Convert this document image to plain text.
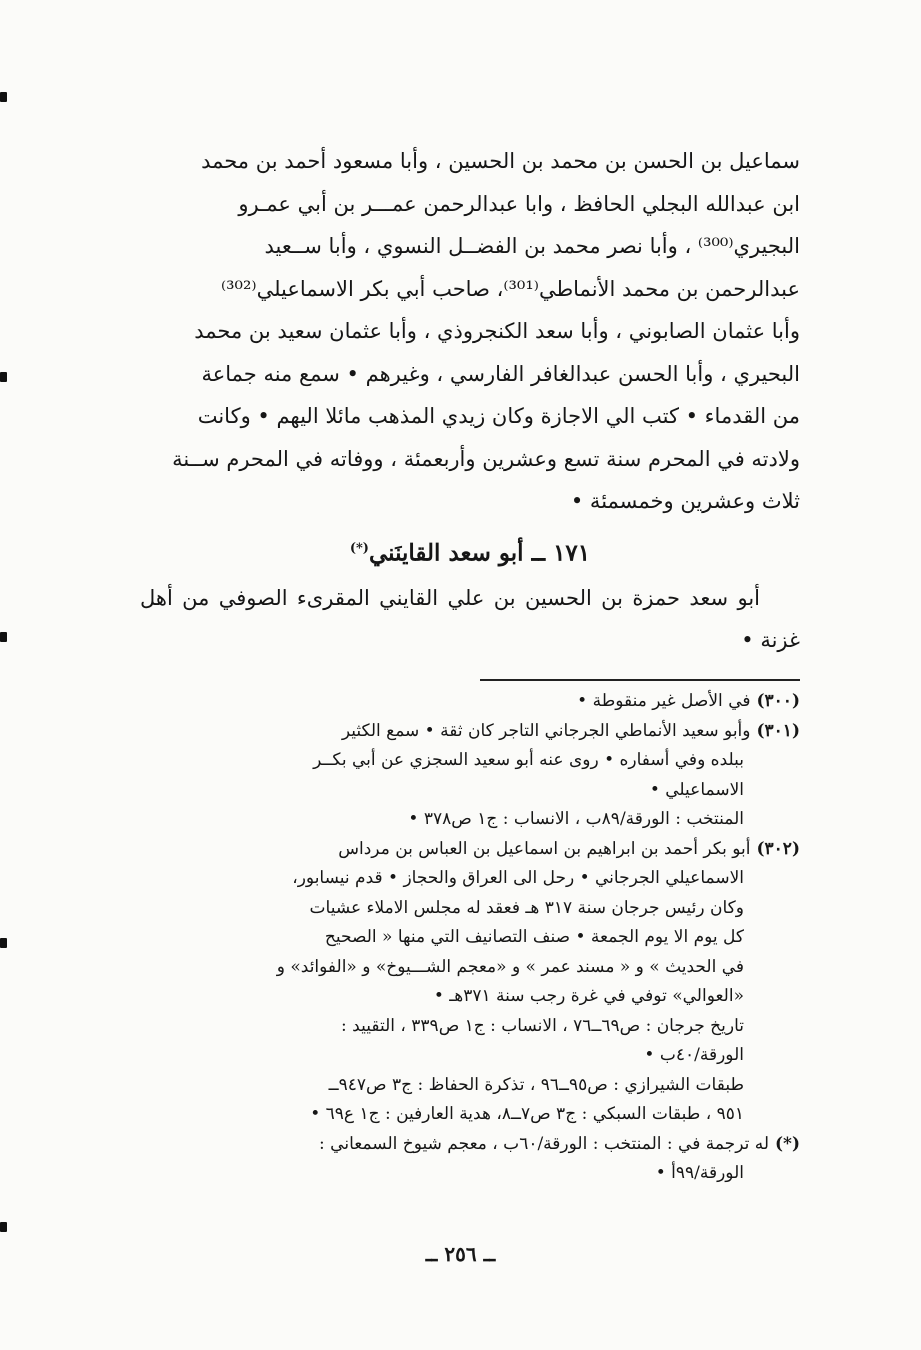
سماعيل بن الحسن بن محمد بن الحسين ، وأبا مسعود أحمد بن محمد

ابن عبدالله البجلي الحافظ ، وابا عبدالرحمن عمـــر بن أبي عمـرو

البجيري⁽³⁰⁰⁾ ، وأبا نصر محمد بن الفضــل النسوي ، وأبا ســعيد

عبدالرحمن بن محمد الأنماطي⁽³⁰¹⁾، صاحب أبي بكر الاسماعيلي⁽³⁰²⁾

وأبا عثمان الصابوني ، وأبا سعد الكنجروذي ، وأبا عثمان سعيد بن محمد

البحيري ، وأبا الحسن عبدالغافر الفارسي ، وغيرهم • سمع منه جماعة

من القدماء • كتب الي الاجازة وكان زيدي المذهب مائلا اليهم • وكانت

ولادته في المحرم سنة تسع وعشرين وأربعمئة ، ووفاته في المحرم ســنة

ثلاث وعشرين وخمسمئة •

١٧١ ــ أبو سعد القاينَني(*)
أبو سعد حمزة بن الحسين بن علي القايني المقرىء الصوفي من أهل غزنة •
(٣٠٠)في الأصل غير منقوطة •
(٣٠١)وأبو سعيد الأنماطي الجرجاني التاجر كان ثقة • سمع الكثير
ببلده وفي أسفاره • روى عنه أبو سعيد السجزي عن أبي بكــر
الاسماعيلي •
المنتخب : الورقة/٨٩ب ، الانساب : ج١ ص٣٧٨ •
(٣٠٢)أبو بكر أحمد بن ابراهيم بن اسماعيل بن العباس بن مرداس
الاسماعيلي الجرجاني • رحل الى العراق والحجاز • قدم نيسابور،
وكان رئيس جرجان سنة ٣١٧ هـ فعقد له مجلس الاملاء عشيات
كل يوم الا يوم الجمعة • صنف التصانيف التي منها « الصحيح
في الحديث » و « مسند عمر » و «معجم الشـــيوخ» و «الفوائد» و
«العوالي» توفي في غرة رجب سنة ٣٧١هـ •
تاريخ جرجان : ص٦٩ــ٧٦ ، الانساب : ج١ ص٣٣٩ ، التقييد :
الورقة/٤٠ب •
طبقات الشيرازي : ص٩٥ــ٩٦ ، تذكرة الحفاظ : ج٣ ص٩٤٧ــ
٩٥١ ، طبقات السبكي : ج٣ ص٧ــ٨، هدية العارفين : ج١ ع٦٩ •
(*)له ترجمة في : المنتخب : الورقة/٦٠ب ، معجم شيوخ السمعاني :
الورقة/٩٩أ •
ــ ٢٥٦ ــ
